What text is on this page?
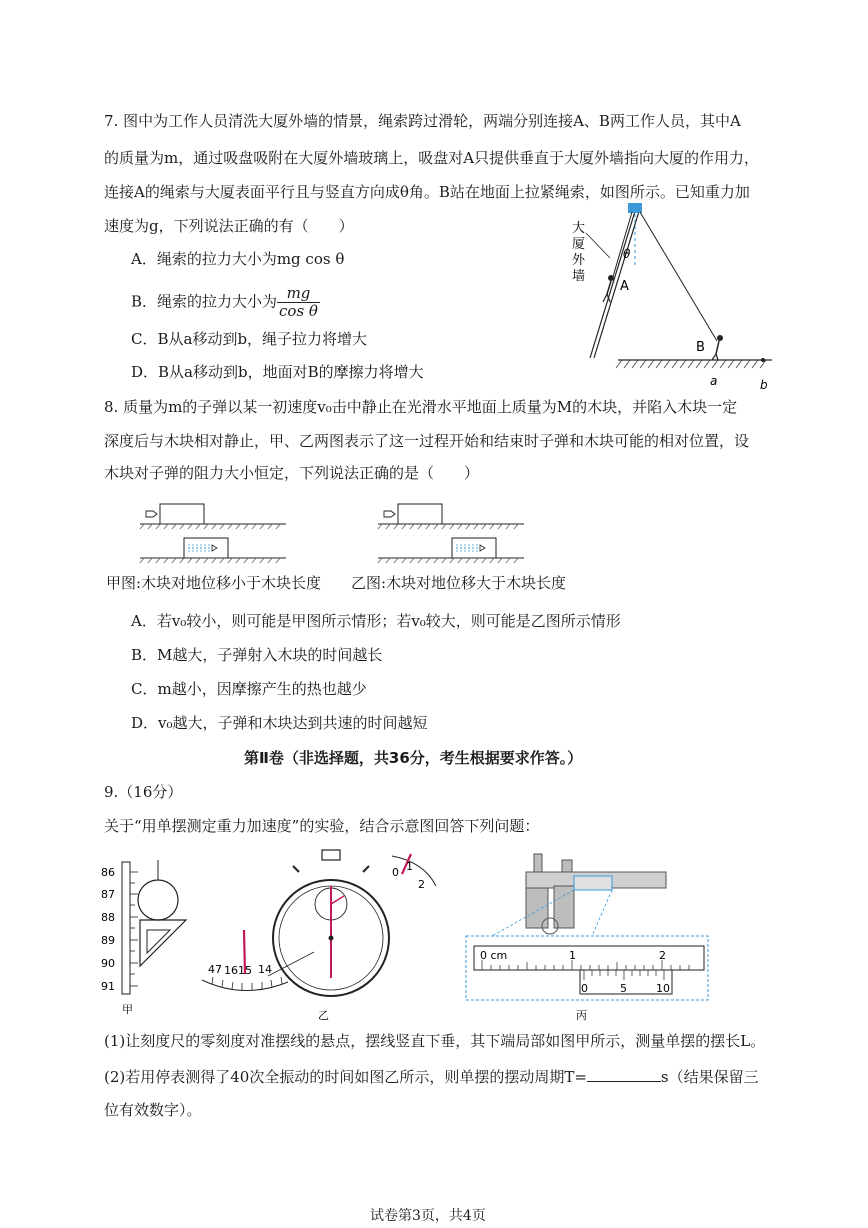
7. 图中为工作人员清洗大厦外墙的情景，绳索跨过滑轮，两端分别连接A、B两工作人员，其中A
的质量为m，通过吸盘吸附在大厦外墙玻璃上，吸盘对A只提供垂直于大厦外墙指向大厦的作用力，
连接A的绳索与大厦表面平行且与竖直方向成θ角。B站在地面上拉紧绳索，如图所示。已知重力加
速度为g，下列说法正确的有（　　）
A．绳索的拉力大小为mg cos θ
B．绳索的拉力大小为 $\frac{mg}{\text{cos θ}}$
C．B从a移动到b，绳子拉力将增大
D．B从a移动到b，地面对B的摩擦力将增大
大
厦
外
墙
θ
A
B
a	b
8. 质量为m的子弹以某一初速度v₀击中静止在光滑水平地面上质量为M的木块，并陷入木块一定
深度后与木块相对静止，甲、乙两图表示了这一过程开始和结束时子弹和木块可能的相对位置，设
木块对子弹的阻力大小恒定，下列说法正确的是（　　）
甲图:木块对地位移小于木块长度 乙图:木块对地位移大于木块长度
A．若v₀较小，则可能是甲图所示情形；若v₀较大，则可能是乙图所示情形
B．M越大，子弹射入木块的时间越长
C．m越小，因摩擦产生的热也越少
D．v₀越大，子弹和木块达到共速的时间越短
第Ⅱ卷（非选择题，共36分，考生根据要求作答。）
9.（16分）
关于“用单摆测定重力加速度”的实验，结合示意图回答下列问题：
86
87
88
89
90
91
甲
47 16 15 14
0 1
2
乙
0 cm	1	2
0	5	10
丙
(1)让刻度尺的零刻度对准摆线的悬点，摆线竖直下垂，其下端局部如图甲所示，测量单摆的摆长L。
(2)若用停表测得了40次全振动的时间如图乙所示，则单摆的摆动周期T=	s（结果保留三
位有效数字）。
试卷第3页，共4页
